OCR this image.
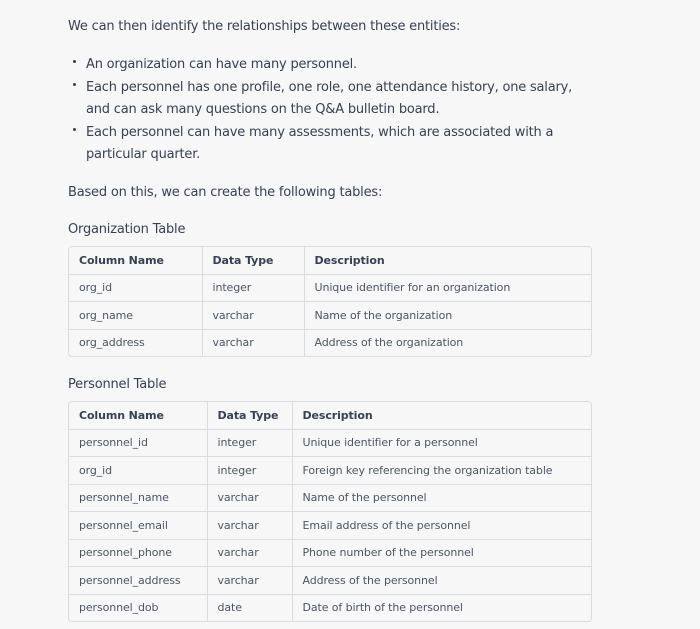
We can then identify the relationships between these entities:

An organization can have many personnel.
Each personnel has one profile, one role, one attendance history, one salary, and can ask many questions on the Q&A bulletin board.
Each personnel can have many assessments, which are associated with a particular quarter.

Based on this, we can create the following tables:

Organization Table
Column Name	Data Type	Description
org_id	integer	Unique identifier for an organization
org_name	varchar	Name of the organization
org_address	varchar	Address of the organization
Personnel Table
Column Name	Data Type	Description
personnel_id	integer	Unique identifier for a personnel
org_id	integer	Foreign key referencing the organization table
personnel_name	varchar	Name of the personnel
personnel_email	varchar	Email address of the personnel
personnel_phone	varchar	Phone number of the personnel
personnel_address	varchar	Address of the personnel
personnel_dob	date	Date of birth of the personnel
